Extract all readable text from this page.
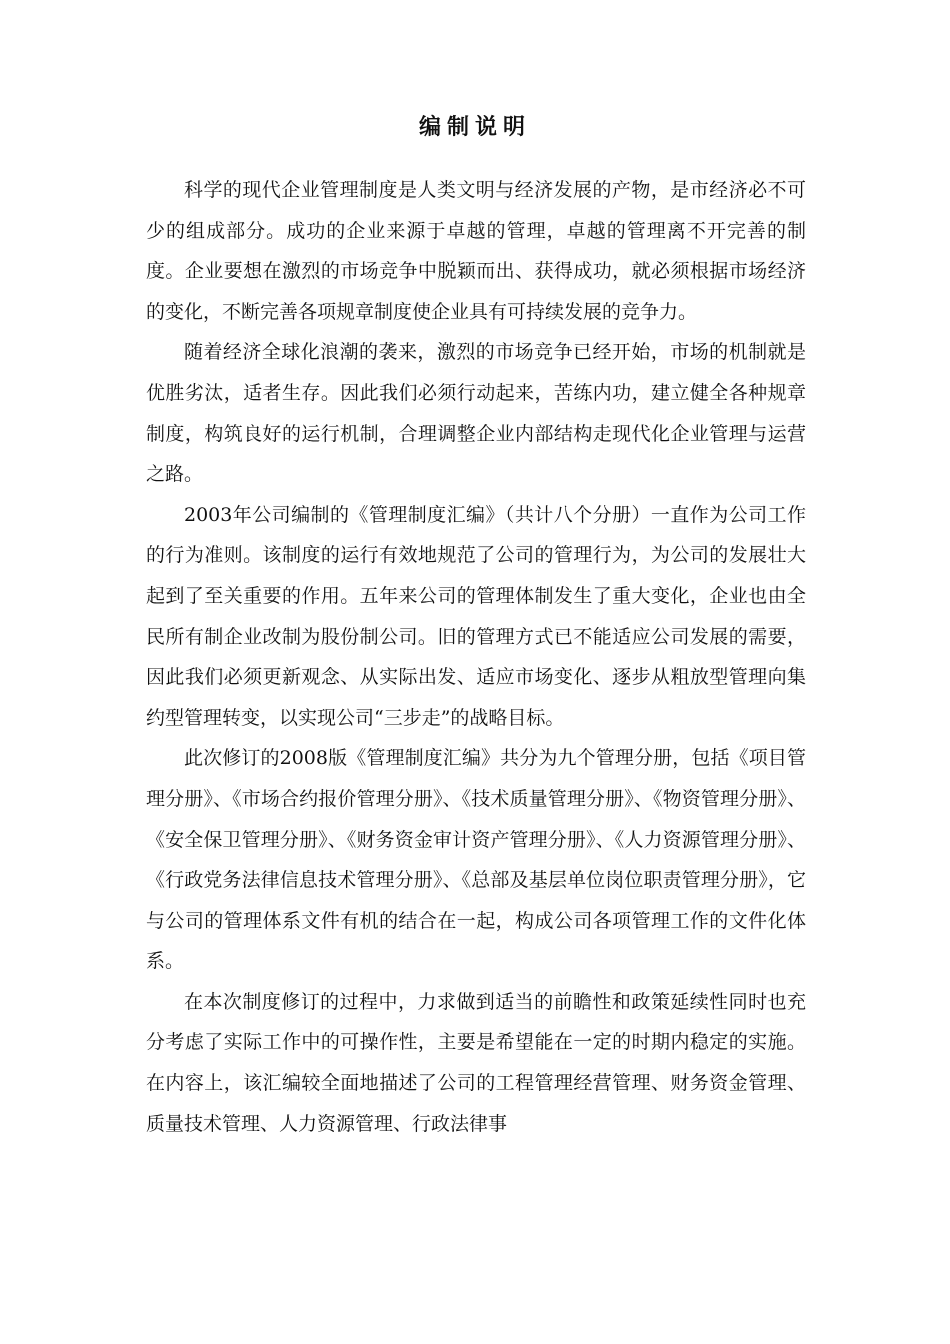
编制说明

科学的现代企业管理制度是人类文明与经济发展的产物，是市经济必不可少的组成部分。成功的企业来源于卓越的管理，卓越的管理离不开完善的制度。企业要想在激烈的市场竞争中脱颖而出、获得成功，就必须根据市场经济的变化，不断完善各项规章制度使企业具有可持续发展的竞争力。

随着经济全球化浪潮的袭来，激烈的市场竞争已经开始，市场的机制就是优胜劣汰，适者生存。因此我们必须行动起来，苦练内功，建立健全各种规章制度，构筑良好的运行机制，合理调整企业内部结构走现代化企业管理与运营之路。

2003年公司编制的《管理制度汇编》（共计八个分册）一直作为公司工作的行为准则。该制度的运行有效地规范了公司的管理行为，为公司的发展壮大起到了至关重要的作用。五年来公司的管理体制发生了重大变化，企业也由全民所有制企业改制为股份制公司。旧的管理方式已不能适应公司发展的需要，因此我们必须更新观念、从实际出发、适应市场变化、逐步从粗放型管理向集约型管理转变，以实现公司“三步走”的战略目标。

此次修订的2008版《管理制度汇编》共分为九个管理分册，包括《项目管理分册》、《市场合约报价管理分册》、《技术质量管理分册》、《物资管理分册》、《安全保卫管理分册》、《财务资金审计资产管理分册》、《人力资源管理分册》、《行政党务法律信息技术管理分册》、《总部及基层单位岗位职责管理分册》，它与公司的管理体系文件有机的结合在一起，构成公司各项管理工作的文件化体系。

在本次制度修订的过程中，力求做到适当的前瞻性和政策延续性同时也充分考虑了实际工作中的可操作性，主要是希望能在一定的时期内稳定的实施。在内容上，该汇编较全面地描述了公司的工程管理经营管理、财务资金管理、质量技术管理、人力资源管理、行政法律事
